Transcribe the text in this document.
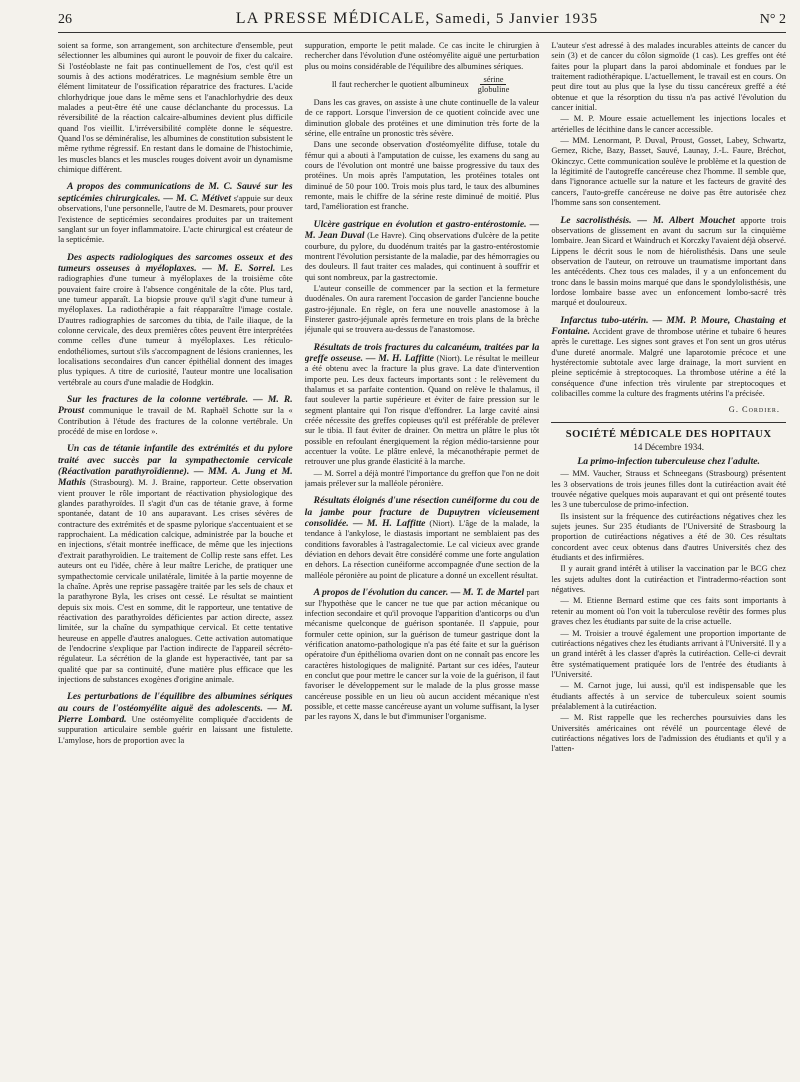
26	LA PRESSE MÉDICALE, Samedi, 5 Janvier 1935	N° 2

soient sa forme, son arrangement, son architecture d'ensemble, peut sélectionner les albumines qui auront le pouvoir de fixer du calcaire. Si l'ostéoblaste ne fait pas continuellement de l'os, c'est qu'il est soumis à des actions modératrices. Le magnésium semble être un élément limitateur de l'ossification réparatrice des fractures. L'acide chlorhydrique joue dans le même sens et l'anachlorhydrie des deux malades a peut-être été une cause déclanchante du processus. La réversibilité de la réaction calcaire-albumines devient plus difficile quand l'os vieillit. L'irréversibilité complète donne le séquestre. Quand l'os se déminéralise, les albumines de constitution subsistent le même rythme régressif. En restant dans le domaine de l'histochimie, les muscles blancs et les muscles rouges doivent avoir un dynamisme chimique différent.

A propos des communications de M. C. Sauvé sur les septicémies chirurgicales. — M. C. Métivet s'appuie sur deux observations, l'une personnelle, l'autre de M. Desmarets, pour prouver l'existence de septicémies secondaires produites par un traitement sanglant sur un foyer inflammatoire. L'acte chirurgical est créateur de la septicémie.

Des aspects radiologiques des sarcomes osseux et des tumeurs osseuses à myéloplaxes. — M. E. Sorrel. Les radiographies d'une tumeur à myéloplaxes de la troisième côte pouvaient faire croire à l'absence congénitale de la côte. Plus tard, une tumeur apparaît. La biopsie prouve qu'il s'agit d'une tumeur à myéloplaxes. La radiothérapie a fait réapparaître l'image costale. D'autres radiographies de sarcomes du tibia, de l'aile iliaque, de la colonne cervicale, des deux premières côtes peuvent être interprétées comme celles d'une tumeur à myéloplaxes. Les réticulo-endothéliomes, surtout s'ils s'accompagnent de lésions craniennes, les localisations secondaires d'un cancer épithélial donnent des images plus typiques. A titre de curiosité, l'auteur montre une localisation vertébrale au cours d'une maladie de Hodgkin.

Sur les fractures de la colonne vertébrale. — M. R. Proust communique le travail de M. Raphaël Schotte sur la « Contribution à l'étude des fractures de la colonne vertébrale. Un procédé de mise en lordose ».

Un cas de tétanie infantile des extrémités et du pylore traité avec succès par la sympathectomie cervicale (Réactivation parathyroïdienne). — MM. A. Jung et M. Mathis (Strasbourg). M. J. Braine, rapporteur. Cette observation vient prouver le rôle important de réactivation physiologique des glandes parathyroïdes. Il s'agit d'un cas de tétanie grave, à forme spontanée, datant de 10 ans auparavant. Les crises sévères de contracture des extrémités et de spasme pylorique s'accentuaient et se rapprochaient. La médication calcique, administrée par la bouche et en injections, s'était montrée inefficace, de même que les injections d'extrait parathyroïdien. Le traitement de Collip reste sans effet. Les auteurs ont eu l'idée, chère à leur maître Leriche, de pratiquer une sympathectomie cervicale unilatérale, limitée à la partie moyenne de la chaîne. Après une reprise passagère traitée par les sels de chaux et la parathyrone Byla, les crises ont cessé. Le résultat se maintient depuis six mois. C'est en somme, dit le rapporteur, une tentative de réactivation des parathyroïdes déficientes par action directe, assez limitée, sur la chaîne du sympathique cervical. Et cette tentative heureuse en appelle d'autres analogues. Cette activation automatique de l'endocrine s'explique par l'action indirecte de l'appareil sécréto-régulateur. La sécrétion de la glande est hyperactivée, tant par sa qualité que par sa continuité, d'une matière plus efficace que les injections de substances exogènes d'origine animale.

Les perturbations de l'équilibre des albumines sériques au cours de l'ostéomyélite aiguë des adolescents. — M. Pierre Lombard. Une ostéomyélite compliquée d'accidents de suppuration articulaire semble guérir en laissant une fistulette. L'amylose, hors de proportion avec la

suppuration, emporte le petit malade. Ce cas incite le chirurgien à rechercher dans l'évolution d'une ostéomyélite aiguë une perturbation plus ou moins considérable de l'équilibre des albumines sériques.

Il faut rechercher le quotient albumineux $\frac{\text{sérine}}{\text{globuline}}$

Dans les cas graves, on assiste à une chute continuelle de la valeur de ce rapport. Lorsque l'inversion de ce quotient coïncide avec une diminution globale des protéines et une diminution très forte de la sérine, elle entraîne un pronostic très sévère.

Dans une seconde observation d'ostéomyélite diffuse, totale du fémur qui a abouti à l'amputation de cuisse, les examens du sang au cours de l'évolution ont montré une baisse progressive du taux des protéines. Un mois après l'amputation, les protéines totales ont diminué de 50 pour 100. Trois mois plus tard, le taux des albumines remonte, mais le chiffre de la sérine reste diminué de moitié. Plus tard, l'amélioration est franche.

Ulcère gastrique en évolution et gastro-entérostomie. — M. Jean Duval (Le Havre). Cinq observations d'ulcère de la petite courbure, du pylore, du duodénum traités par la gastro-entérostomie montrent l'évolution persistante de la maladie, par des hémorragies ou des douleurs. Il faut traiter ces malades, qui continuent à souffrir et qui sont nombreux, par la gastrectomie.

L'auteur conseille de commencer par la section et la fermeture duodénales. On aura rarement l'occasion de garder l'ancienne bouche gastro-jéjunale. En règle, on fera une nouvelle anastomose à la Finsterer gastro-jéjunale après fermeture en trois plans de la brèche jéjunale qui se trouvera au-dessus de l'anastomose.

Résultats de trois fractures du calcanéum, traitées par la greffe osseuse. — M. H. Laffitte (Niort). Le résultat le meilleur a été obtenu avec la fracture la plus grave. La date d'intervention importe peu. Les deux facteurs importants sont : le relèvement du thalamus et sa parfaite contention. Quand on relève le thalamus, il faut soulever la partie supérieure et éviter de faire pression sur le segment plantaire qui l'on risque d'effondrer. La large cavité ainsi créée nécessite des greffes copieuses qu'il est préférable de prélever sur le tibia. Il faut éviter de drainer. On mettra un plâtre le plus tôt possible en refoulant énergiquement la région médio-tarsienne pour accentuer la voûte. Le plâtre enlevé, la mécanothérapie permet de retrouver une plus grande élasticité à la marche.

— M. Sorrel a déjà montré l'importance du greffon que l'on ne doit jamais prélever sur la malléole péronière.

Résultats éloignés d'une résection cunéiforme du cou de la jambe pour fracture de Dupuytren vicieusement consolidée. — M. H. Laffitte (Niort). L'âge de la malade, la tendance à l'ankylose, le diastasis important ne semblaient pas des conditions favorables à l'astragalectomie. Le cal vicieux avec grande déviation en dehors devait être considéré comme une forte angulation en dehors. La résection cunéiforme accompagnée d'une section de la malléole péronière au point de plicature a donné un excellent résultat.

A propos de l'évolution du cancer. — M. T. de Martel part sur l'hypothèse que le cancer ne tue que par action mécanique ou infection secondaire et qu'il provoque l'apparition d'anticorps ou d'un mécanisme quelconque de guérison spontanée. Il s'appuie, pour formuler cette opinion, sur la guérison de tumeur gastrique dont la vérification anatomo-pathologique n'a pas été faite et sur la guérison opératoire d'un épithélioma ovarien dont on ne connaît pas encore les caractères histologiques de malignité. Partant sur ces idées, l'auteur en conclut que pour mettre le cancer sur la voie de la guérison, il faut favoriser le développement sur le malade de la plus grosse masse cancéreuse possible en un lieu où aucun accident mécanique n'est possible, et cette masse cancéreuse ayant un volume suffisant, la lyser par les rayons X, dans le but d'immuniser l'organisme.

L'auteur s'est adressé à des malades incurables atteints de cancer du sein (3) et de cancer du côlon sigmoïde (1 cas). Les greffes ont été faites pour la plupart dans la paroi abdominale et fondues par le traitement radiothérapique. L'actuellement, le travail est en cours. On peut dire tout au plus que la lyse du tissu cancéreux greffé a été obtenue et que la résorption du tissu n'a pas activé l'évolution du cancer initial.

— M. P. Moure essaie actuellement les injections locales et artérielles de lécithine dans le cancer accessible.

— MM. Lenormant, P. Duval, Proust, Gosset, Labey, Schwartz, Gernez, Riche, Bazy, Basset, Sauvé, Launay, J.-L. Faure, Bréchot, Okinczyc. Cette communication soulève le problème et la question de la légitimité de l'autogreffe cancéreuse chez l'homme. Il semble que, dans l'ignorance actuelle sur la nature et les facteurs de gravité des cancers, l'auto-greffe cancéreuse ne doive pas être autorisée chez l'homme sans son consentement.

Le sacrolisthésis. — M. Albert Mouchet apporte trois observations de glissement en avant du sacrum sur la cinquième lombaire. Jean Sicard et Waindruch et Korczky l'avaient déjà observé. Lippens le décrit sous le nom de hiérolisthésis. Dans une seule observation de l'auteur, on retrouve un traumatisme important dans les antécédents. Chez tous ces malades, il y a un enfoncement du tronc dans le bassin moins marqué que dans le spondylolisthésis, une lordose lombaire basse avec un enfoncement lombo-sacré très marqué et douloureux.

Infarctus tubo-utérin. — MM. P. Moure, Chastaing et Fontaine. Accident grave de thrombose utérine et tubaire 6 heures après le curettage. Les signes sont graves et l'on sent un gros utérus d'une dureté anormale. Malgré une laparotomie précoce et une hystérectomie subtotale avec large drainage, la mort survient en pleine septicémie à streptocoques. La thrombose utérine a été la conséquence d'une infection très virulente par streptocoques et colibacilles comme la culture des fragments utérins l'a précisée.

G. Cordier.
SOCIÉTÉ MÉDICALE DES HOPITAUX
14 Décembre 1934.
La primo-infection tuberculeuse chez l'adulte.

— MM. Vaucher, Strauss et Schneegans (Strasbourg) présentent les 3 observations de trois jeunes filles dont la cutiréaction avait été trouvée négative quelques mois auparavant et qui ont présenté toutes les 3 une tuberculose de primo-infection.

Ils insistent sur la fréquence des cutiréactions négatives chez les sujets jeunes. Sur 235 étudiants de l'Université de Strasbourg la proportion de cutiréactions négatives a été de 30. Ces résultats concordent avec ceux obtenus dans d'autres Universités chez des étudiants et des infirmières.

Il y aurait grand intérêt à utiliser la vaccination par le BCG chez les sujets adultes dont la cutiréaction et l'intradermo-réaction sont négatives.

— M. Etienne Bernard estime que ces faits sont importants à retenir au moment où l'on voit la tuberculose revêtir des formes plus graves chez les étudiants par suite de la crise actuelle.

— M. Troisier a trouvé également une proportion importante de cutiréactions négatives chez les étudiants arrivant à l'Université. Il y a un grand intérêt à les classer d'après la cutiréaction. Celle-ci devrait être systématiquement pratiquée lors de l'entrée des étudiants à l'Université.

— M. Carnot juge, lui aussi, qu'il est indispensable que les étudiants affectés à un service de tuberculeux soient soumis préalablement à la cutiréaction.

— M. Rist rappelle que les recherches poursuivies dans les Universités américaines ont révélé un pourcentage élevé de cutiréactions négatives lors de l'admission des étudiants et qu'il y a l'atten-
